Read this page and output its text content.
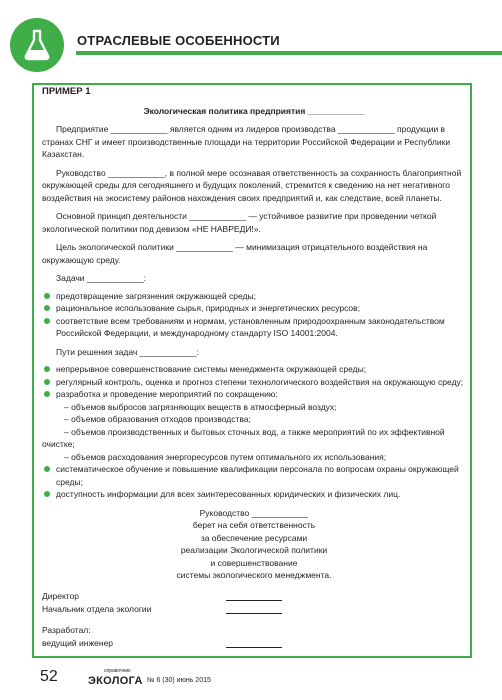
ОТРАСЛЕВЫЕ ОСОБЕННОСТИ
ПРИМЕР 1
Экологическая политика предприятия ____________

Предприятие ____________ является одним из лидеров производства ____________ продукции в странах СНГ и имеет производственные площади на территории Российской Федерации и Республики Казахстан.

Руководство ____________, в полной мере осознавая ответственность за сохранность благоприятной окружающей среды для сегодняшнего и будущих поколений, стремится к сведению на нет негативного воздействия на экосистему районов нахождения своих предприятий и, как следствие, всей планеты.

Основной принцип деятельности ____________ — устойчивое развитие при проведении четкой экологической политики под девизом «НЕ НАВРЕДИ!».

Цель экологической политики ____________ — минимизация отрицательного воздействия на окружающую среду.

Задачи ____________:
предотвращение загрязнения окружающей среды;
рациональное использование сырья, природных и энергетических ресурсов;
соответствие всем требованиям и нормам, установленным природоохранным законодательством Российской Федерации, и международному стандарту ISO 14001:2004.
Пути решения задач ____________:
непрерывное совершенствование системы менеджмента окружающей среды;
регулярный контроль, оценка и прогноз степени технологического воздействия на окружающую среду;
разработка и проведение мероприятий по сокращению:
– объемов выбросов загрязняющих веществ в атмосферный воздух;
– объемов образования отходов производства;
– объемов производственных и бытовых сточных вод, а также мероприятий по их эффективной очистке;
– объемов расходования энергоресурсов путем оптимального их использования;
систематическое обучение и повышение квалификации персонала по вопросам охраны окружающей среды;
доступность информации для всех заинтересованных юридических и физических лиц.
Руководство ____________
берет на себя ответственность
за обеспечение ресурсами
реализации Экологической политики
и совершенствование
системы экологического менеджмента.
Директор
Начальник отдела экологии
Разработал:
ведущий инженер
52	справочник
ЭКОЛОГА № 6 (30) июнь 2015
